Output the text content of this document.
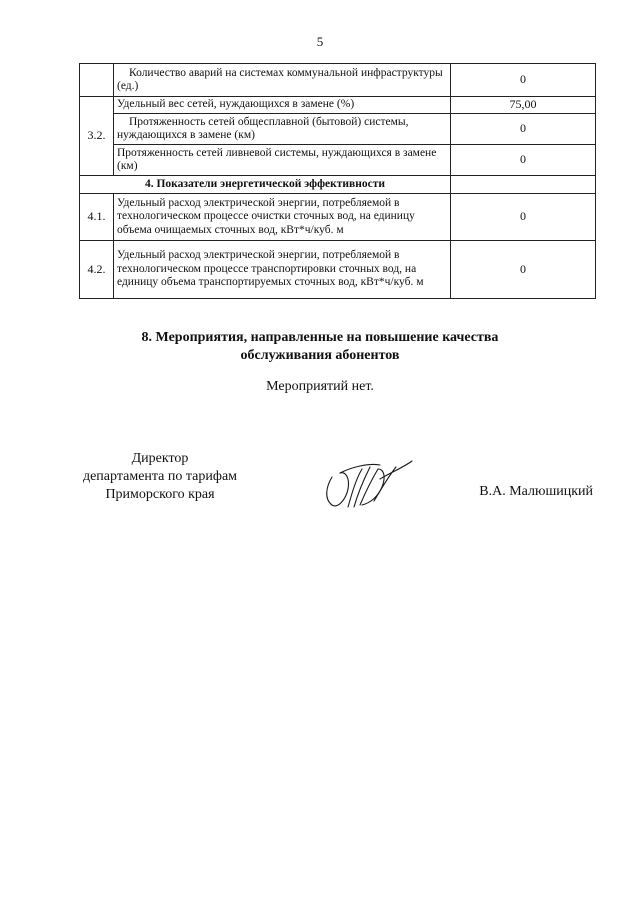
5
	Количество аварий на системах коммунальной инфраструктуры (ед.)	0
3.2.	Удельный вес сетей, нуждающихся в замене (%)	75,00
	Протяженность сетей общесплавной (бытовой) системы, нуждающихся в замене (км)	0
	Протяженность сетей ливневой системы, нуждающихся в замене (км)	0
4. Показатели энергетической эффективности		
4.1.	Удельный расход электрической энергии, потребляемой в технологическом процессе очистки сточных вод, на единицу объема очищаемых сточных вод, кВт*ч/куб. м	0
4.2.	Удельный расход электрической энергии, потребляемой в технологическом процессе транспортировки сточных вод, на единицу объема транспортируемых сточных вод, кВт*ч/куб. м	0
8. Мероприятия, направленные на повышение качества
обслуживания абонентов
Мероприятий нет.
Директор
департамента по тарифам
Приморского края	В.А. Малюшицкий
